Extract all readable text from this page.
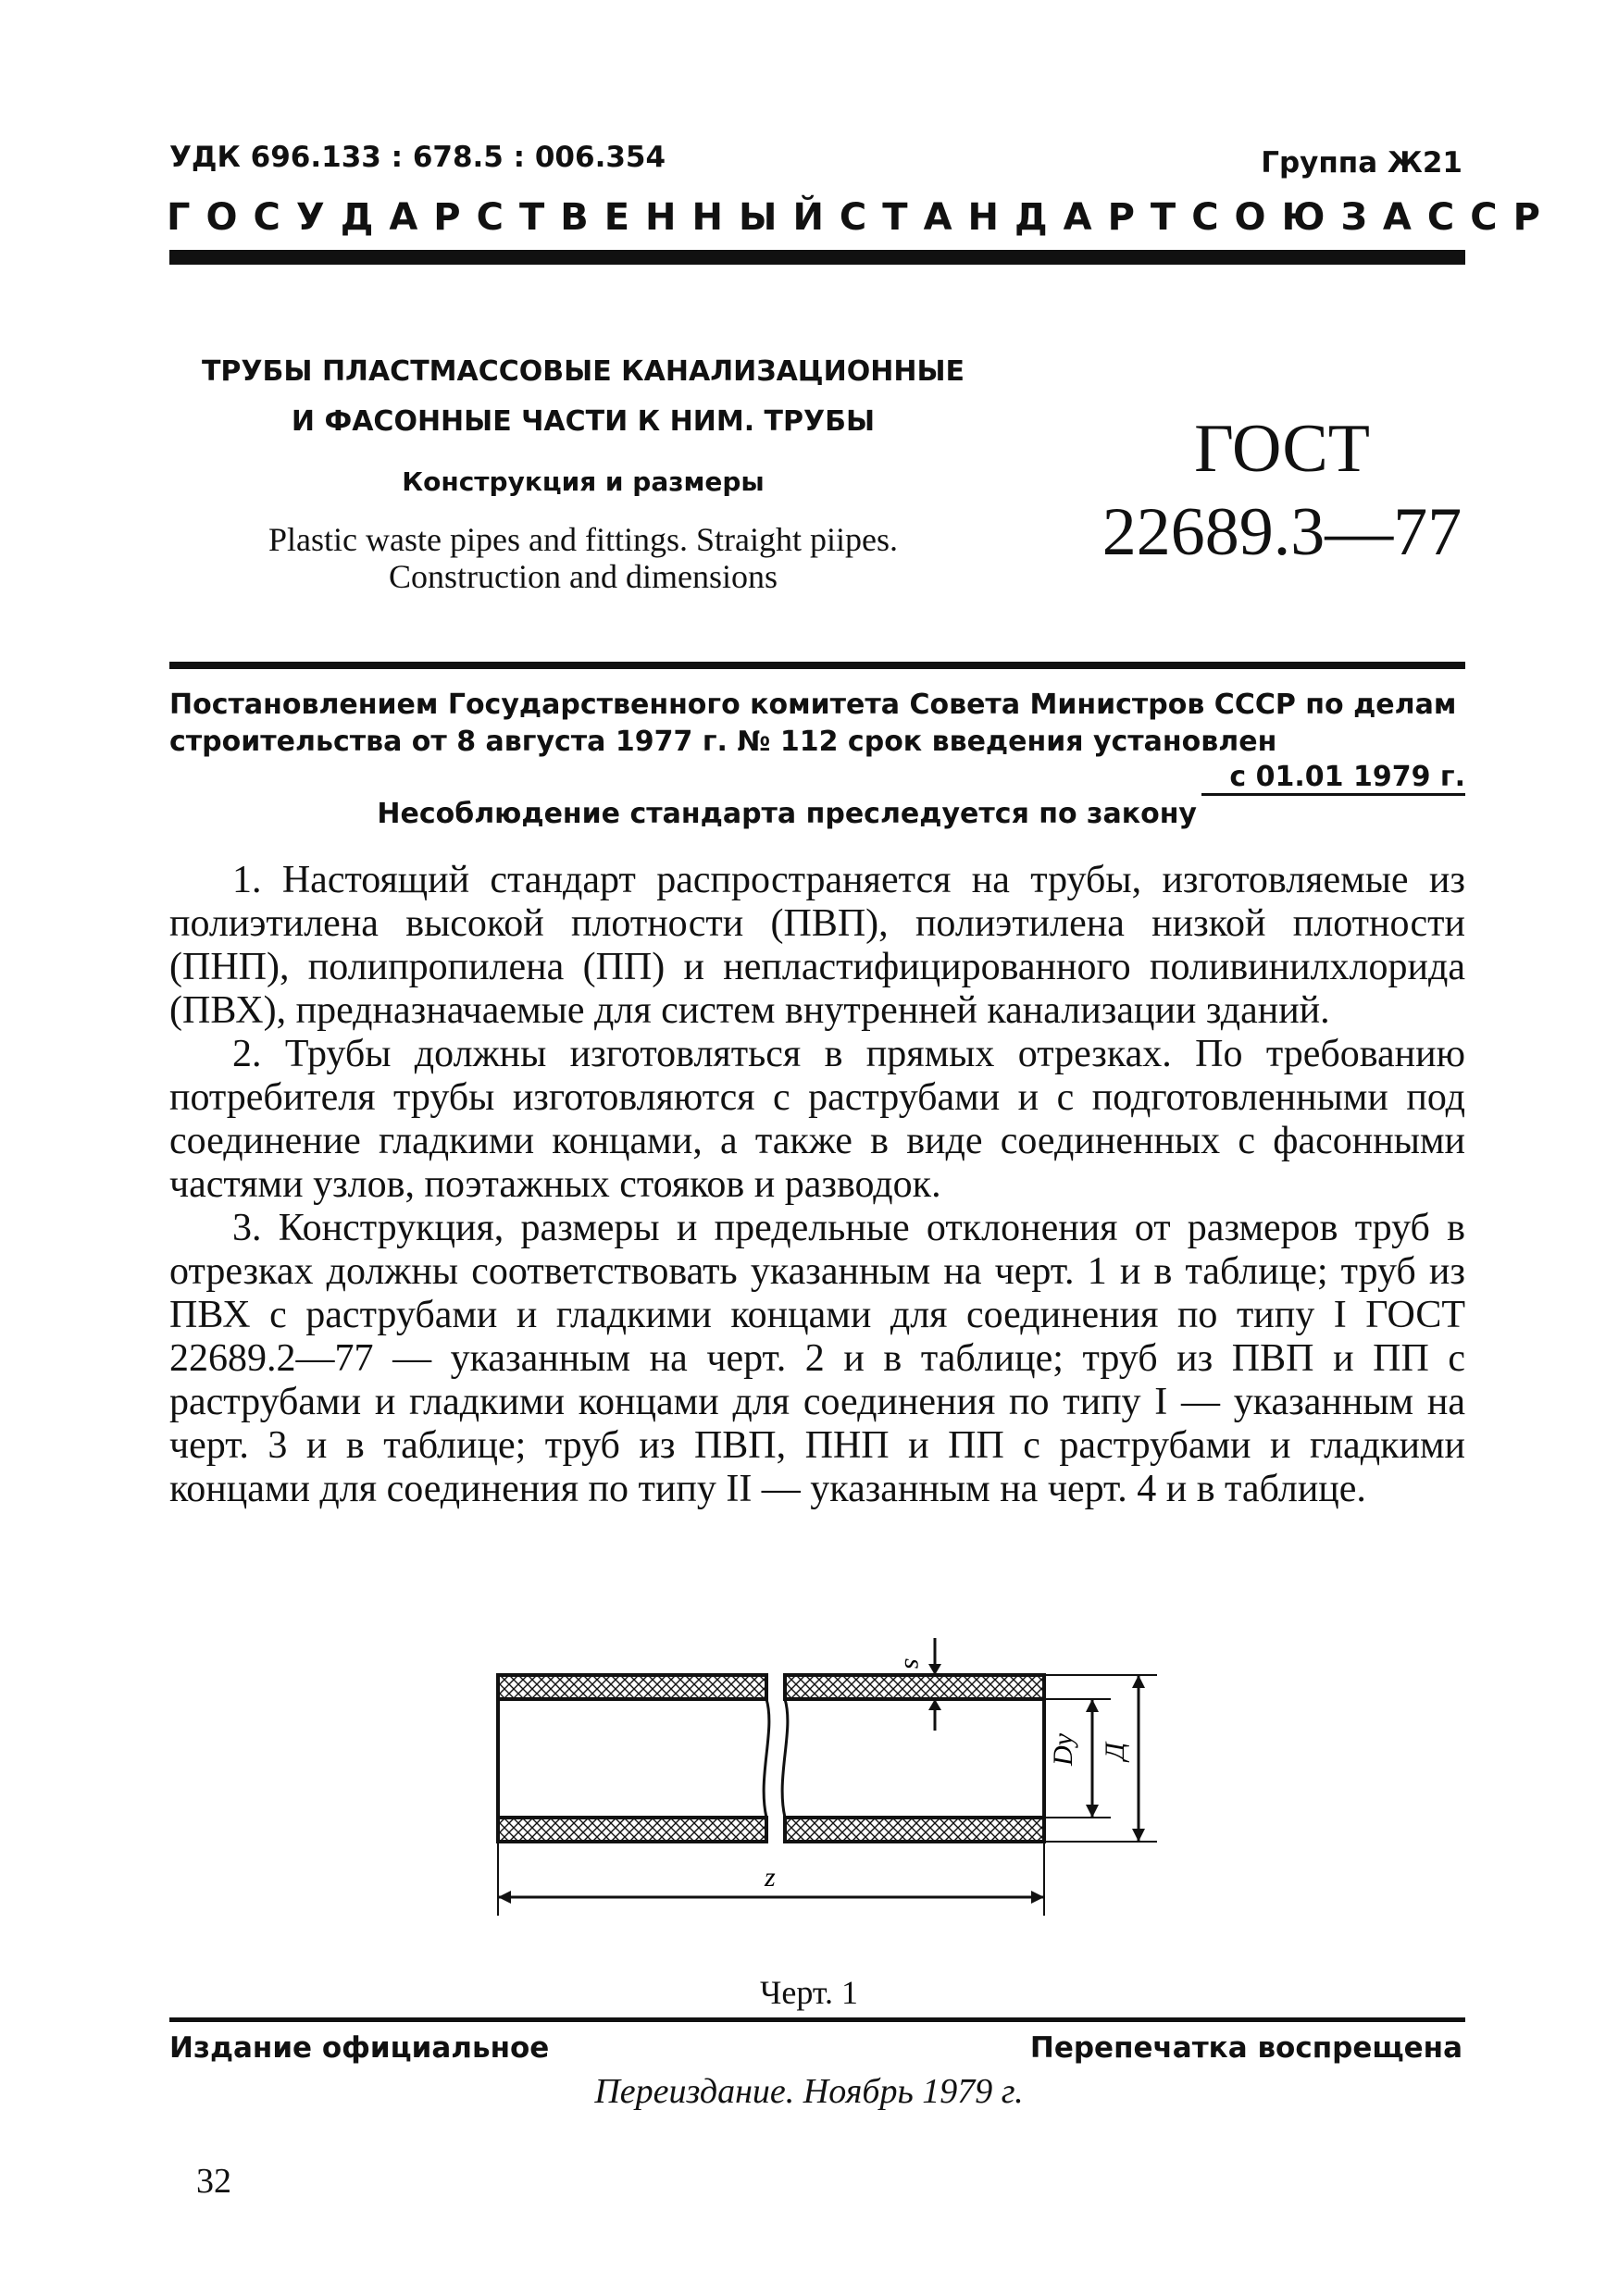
УДК 696.133 : 678.5 : 006.354	Группа Ж21
ГОСУДАРСТВЕННЫЙ СТАНДАРТ СОЮЗА ССР
ТРУБЫ ПЛАСТМАССОВЫЕ КАНАЛИЗАЦИОННЫЕ
И ФАСОННЫЕ ЧАСТИ К НИМ. ТРУБЫ
Конструкция и размеры
Plastic waste pipes and fittings. Straight piipes.
Construction and dimensions
ГОСТ
22689.3—77
Постановлением Государственного комитета Совета Министров СССР по делам строительства от 8 августа 1977 г. № 112 срок введения установлен
с 01.01 1979 г.
Несоблюдение стандарта преследуется по закону

1. Настоящий стандарт распространяется на трубы, изготовляемые из полиэтилена высокой плотности (ПВП), полиэтилена низкой плотности (ПНП), полипропилена (ПП) и непластифицированного поливинилхлорида (ПВХ), предназначаемые для систем внутренней канализации зданий.

2. Трубы должны изготовляться в прямых отрезках. По требованию потребителя трубы изготовляются с раструбами и с подготовленными под соединение гладкими концами, а также в виде соединенных с фасонными частями узлов, поэтажных стояков и разводок.

3. Конструкция, размеры и предельные отклонения от размеров труб в отрезках должны соответствовать указанным на черт. 1 и в таблице; труб из ПВХ с раструбами и гладкими концами для соединения по типу I ГОСТ 22689.2—77 — указанным на черт. 2 и в таблице; труб из ПВП и ПП с раструбами и гладкими концами для соединения по типу I — указанным на черт. 3 и в таблице; труб из ПВП, ПНП и ПП с раструбами и гладкими концами для соединения по типу II — указанным на черт. 4 и в таблице.

s
Dy Д
z
Черт. 1
Издание официальное	Перепечатка воспрещена
Переиздание. Ноябрь 1979 г.
32
